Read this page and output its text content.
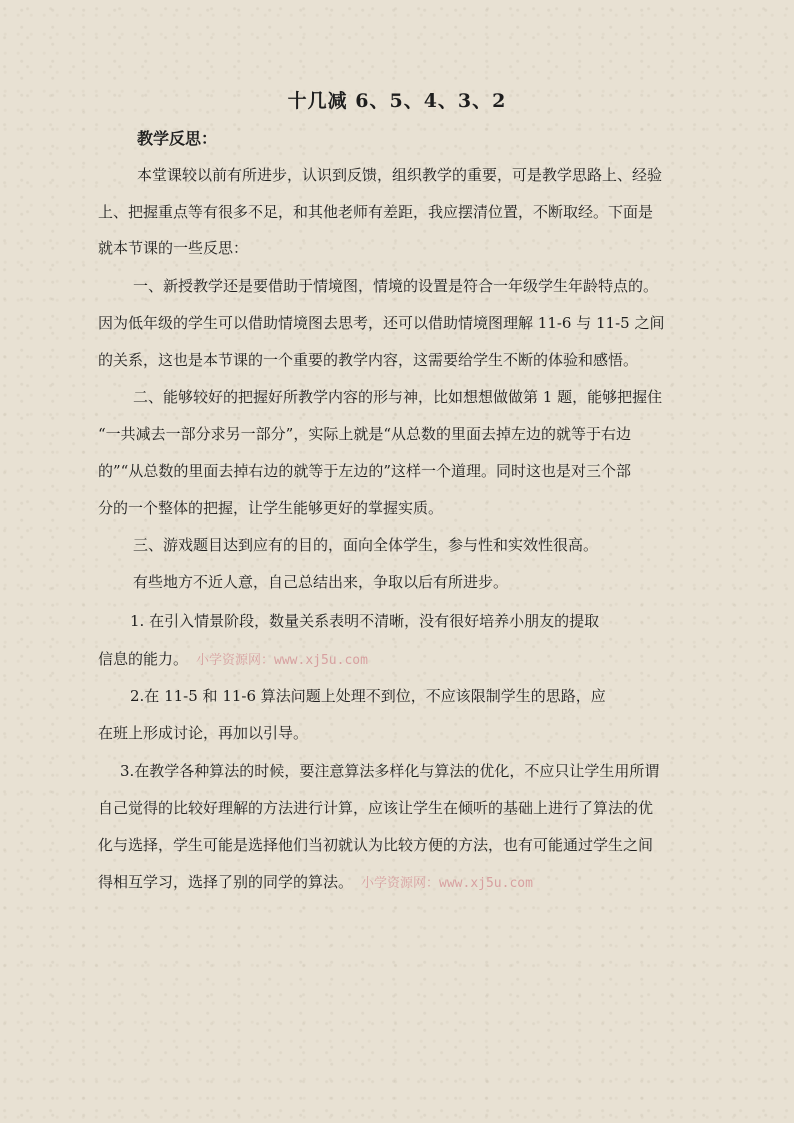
十几减 6、5、4、3、2
教学反思：
本堂课较以前有所进步，认识到反馈，组织教学的重要，可是教学思路上、经验
上、把握重点等有很多不足，和其他老师有差距，我应摆清位置，不断取经。下面是
就本节课的一些反思：
一、新授教学还是要借助于情境图，情境的设置是符合一年级学生年龄特点的。
因为低年级的学生可以借助情境图去思考，还可以借助情境图理解 11-6 与 11-5 之间
的关系，这也是本节课的一个重要的教学内容，这需要给学生不断的体验和感悟。
二、能够较好的把握好所教学内容的形与神，比如想想做做第 1 题，能够把握住
“一共减去一部分求另一部分”，实际上就是“从总数的里面去掉左边的就等于右边
的”“从总数的里面去掉右边的就等于左边的”这样一个道理。同时这也是对三个部
分的一个整体的把握，让学生能够更好的掌握实质。
三、游戏题目达到应有的目的，面向全体学生，参与性和实效性很高。
有些地方不近人意，自己总结出来，争取以后有所进步。
1. 在引入情景阶段，数量关系表明不清晰，没有很好培养小朋友的提取
信息的能力。 小学资源网：www.xj5u.com
2.在 11-5 和 11-6 算法问题上处理不到位，不应该限制学生的思路，应
在班上形成讨论，再加以引导。
3.在教学各种算法的时候，要注意算法多样化与算法的优化，不应只让学生用所谓
自己觉得的比较好理解的方法进行计算，应该让学生在倾听的基础上进行了算法的优
化与选择，学生可能是选择他们当初就认为比较方便的方法，也有可能通过学生之间
得相互学习，选择了别的同学的算法。 小学资源网：www.xj5u.com
